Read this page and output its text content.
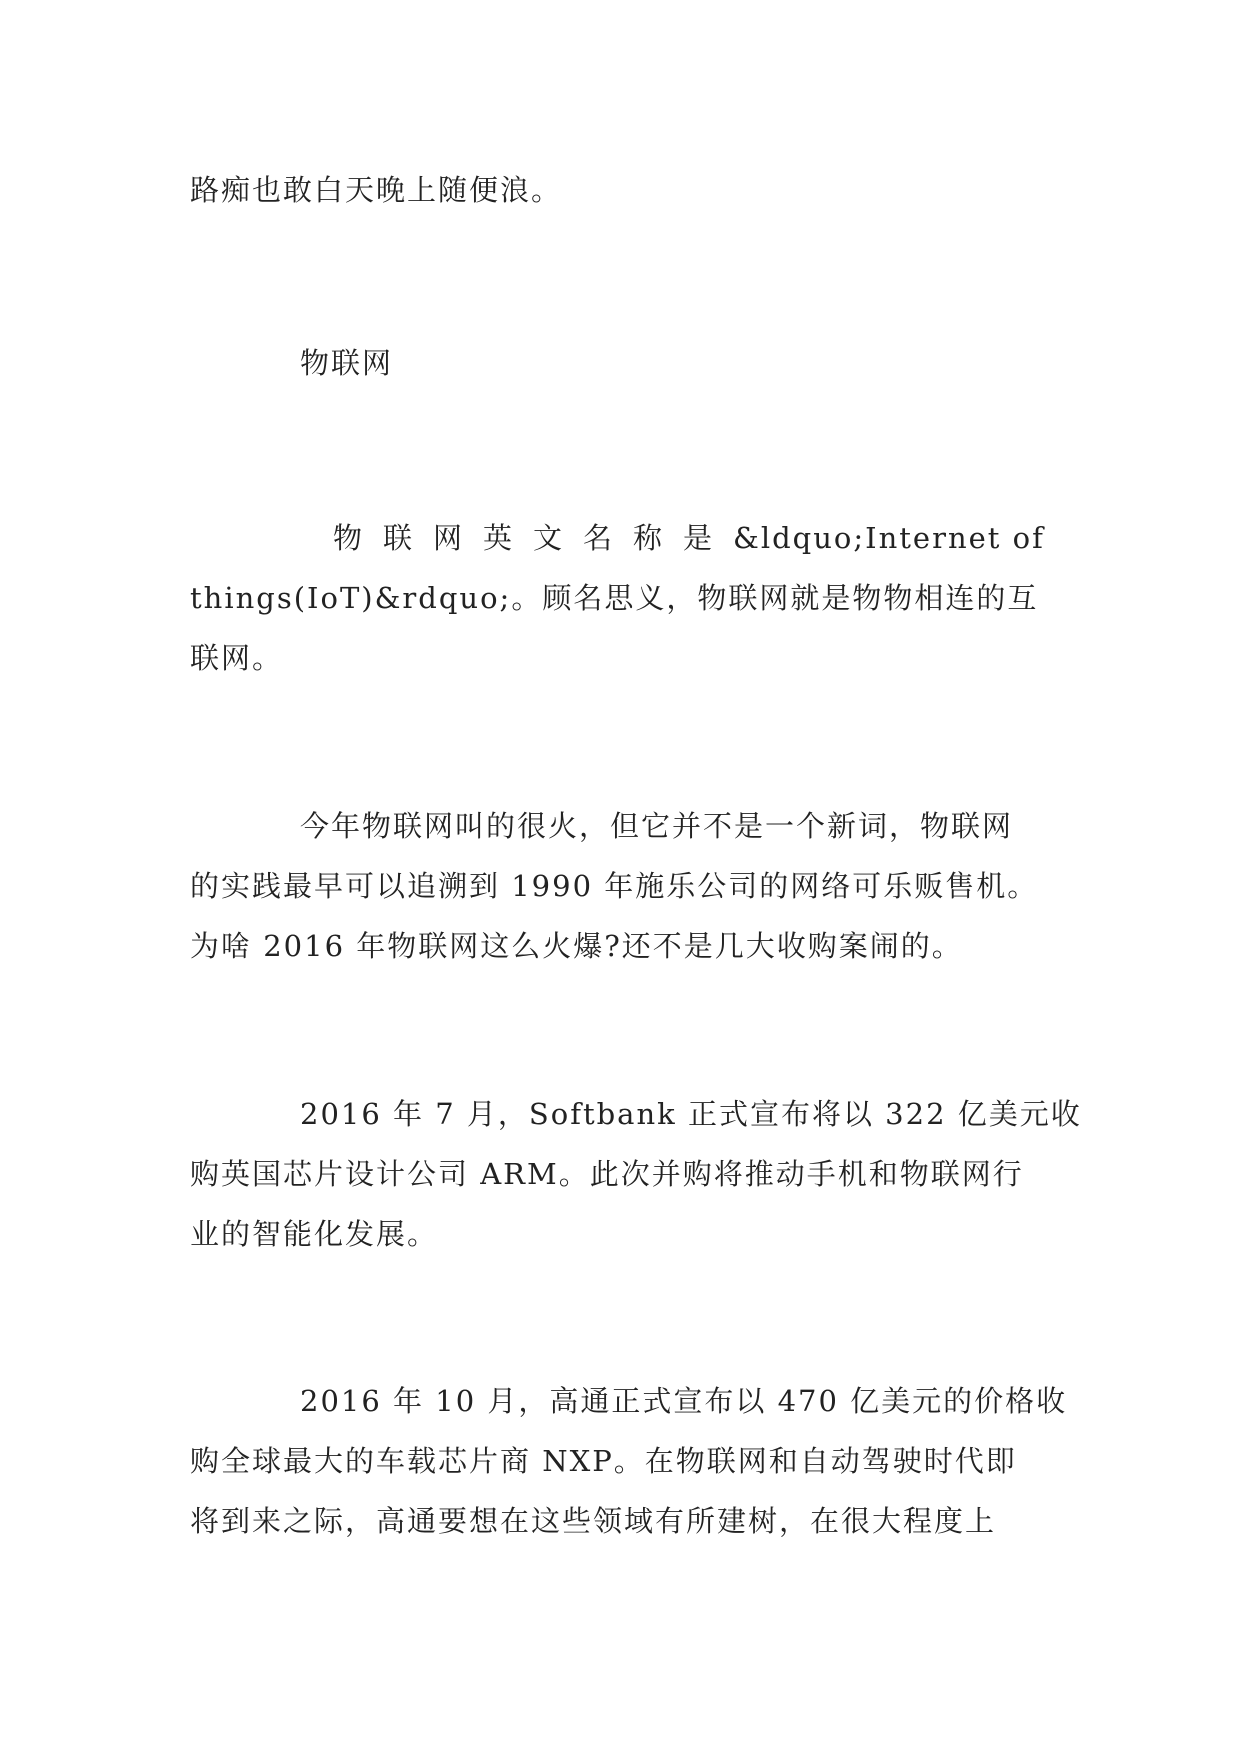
路痴也敢白天晚上随便浪。

物联网

物联网英文名称是&ldquo;Internet of
things(IoT)&rdquo;。顾名思义，物联网就是物物相连的互
联网。

今年物联网叫的很火，但它并不是一个新词，物联网
的实践最早可以追溯到 1990 年施乐公司的网络可乐贩售机。
为啥 2016 年物联网这么火爆?还不是几大收购案闹的。

2016 年 7 月，Softbank 正式宣布将以 322 亿美元收
购英国芯片设计公司 ARM。此次并购将推动手机和物联网行
业的智能化发展。

2016 年 10 月，高通正式宣布以 470 亿美元的价格收
购全球最大的车载芯片商 NXP。在物联网和自动驾驶时代即
将到来之际，高通要想在这些领域有所建树，在很大程度上
